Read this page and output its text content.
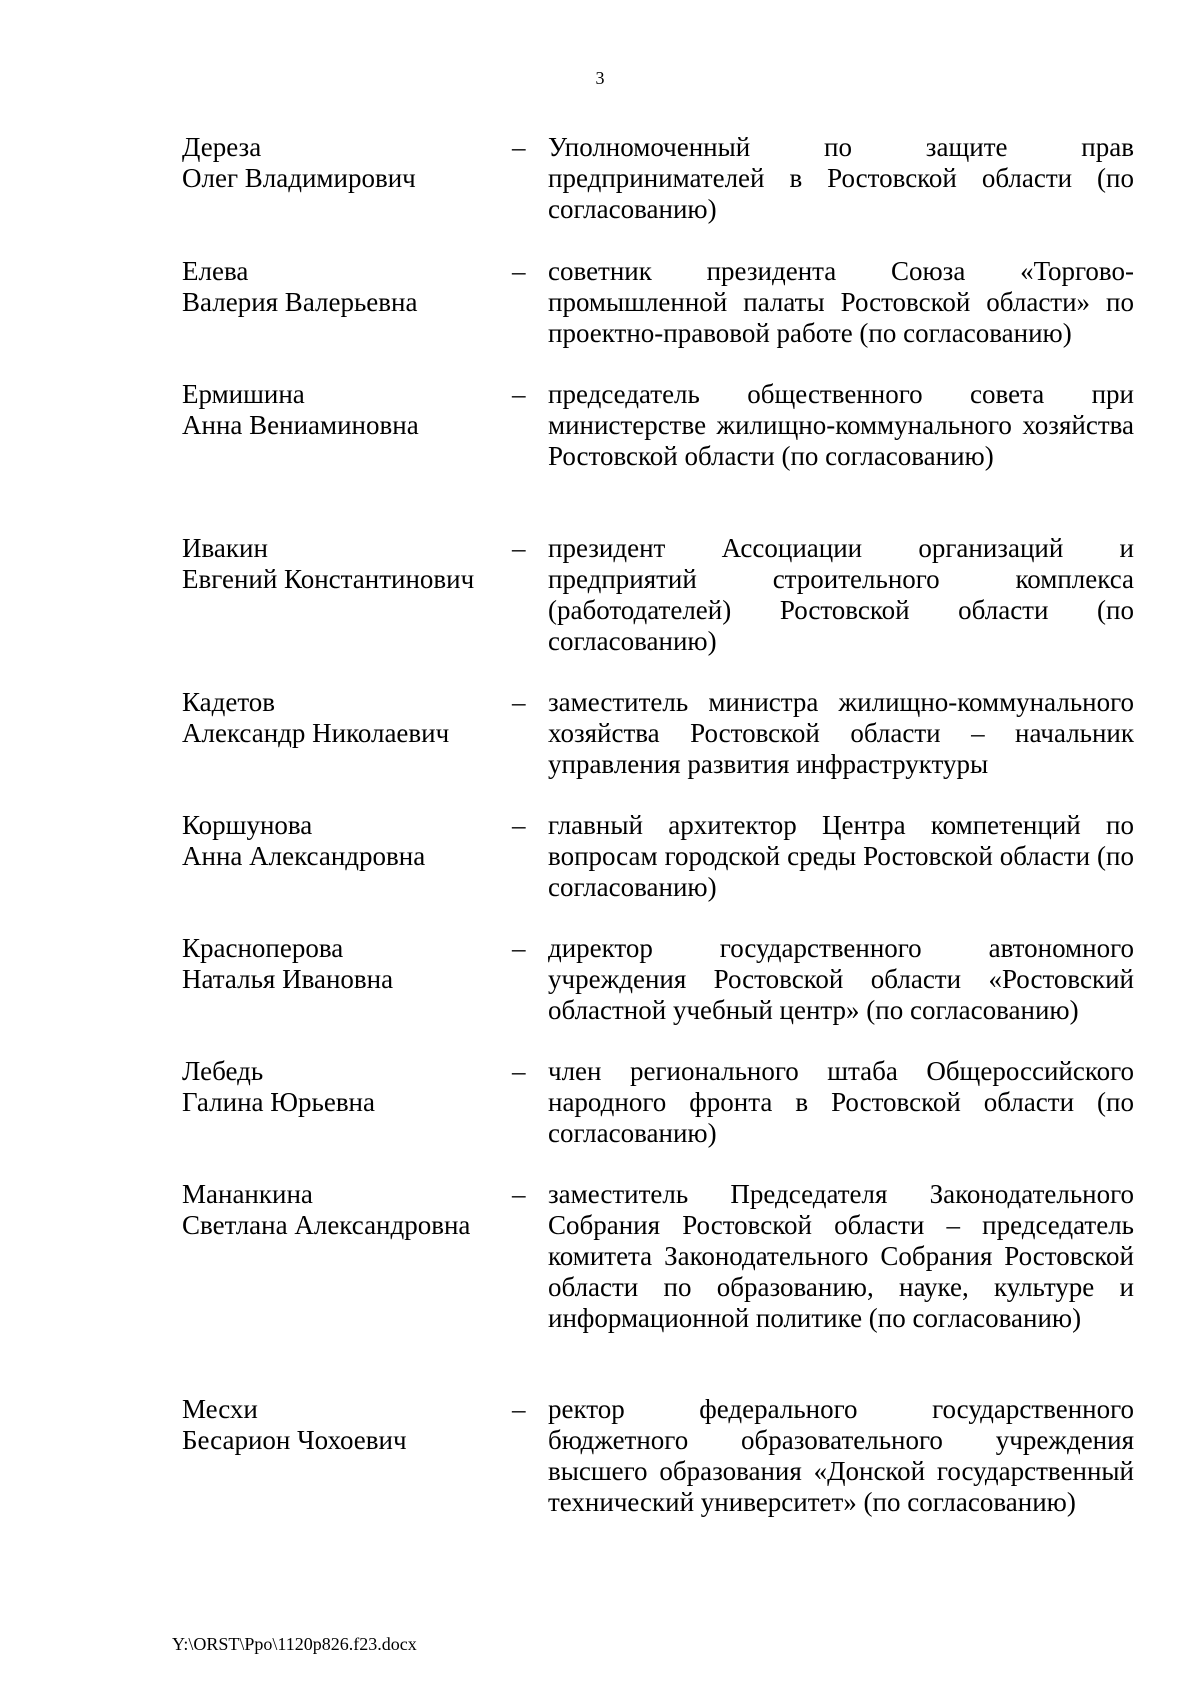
3
Дереза
Олег Владимирович
– Уполномоченный по защите прав предпринимателей в Ростовской области (по согласованию)
Елева
Валерия Валерьевна
– советник президента Союза «Торгово-промышленной палаты Ростовской области» по проектно-правовой работе (по согласованию)
Ермишина
Анна Вениаминовна
– председатель общественного совета при министерстве жилищно-коммунального хозяйства Ростовской области (по согласованию)
Ивакин
Евгений Константинович
– президент Ассоциации организаций и предприятий строительного комплекса (работодателей) Ростовской области (по согласованию)
Кадетов
Александр Николаевич
– заместитель министра жилищно-коммунального хозяйства Ростовской области – начальник управления развития инфраструктуры
Коршунова
Анна Александровна
– главный архитектор Центра компетенций по вопросам городской среды Ростовской области (по согласованию)
Красноперова
Наталья Ивановна
– директор государственного автономного учреждения Ростовской области «Ростовский областной учебный центр» (по согласованию)
Лебедь
Галина Юрьевна
– член регионального штаба Общероссийского народного фронта в Ростовской области (по согласованию)
Мананкина
Светлана Александровна
– заместитель Председателя Законодательного Собрания Ростовской области – председатель комитета Законодательного Собрания Ростовской области по образованию, науке, культуре и информационной политике (по согласованию)
Месхи
Бесарион Чохоевич
– ректор федерального государственного бюджетного образовательного учреждения высшего образования «Донской государственный технический университет» (по согласованию)
Y:\ORST\Ppo\1120p826.f23.docx
